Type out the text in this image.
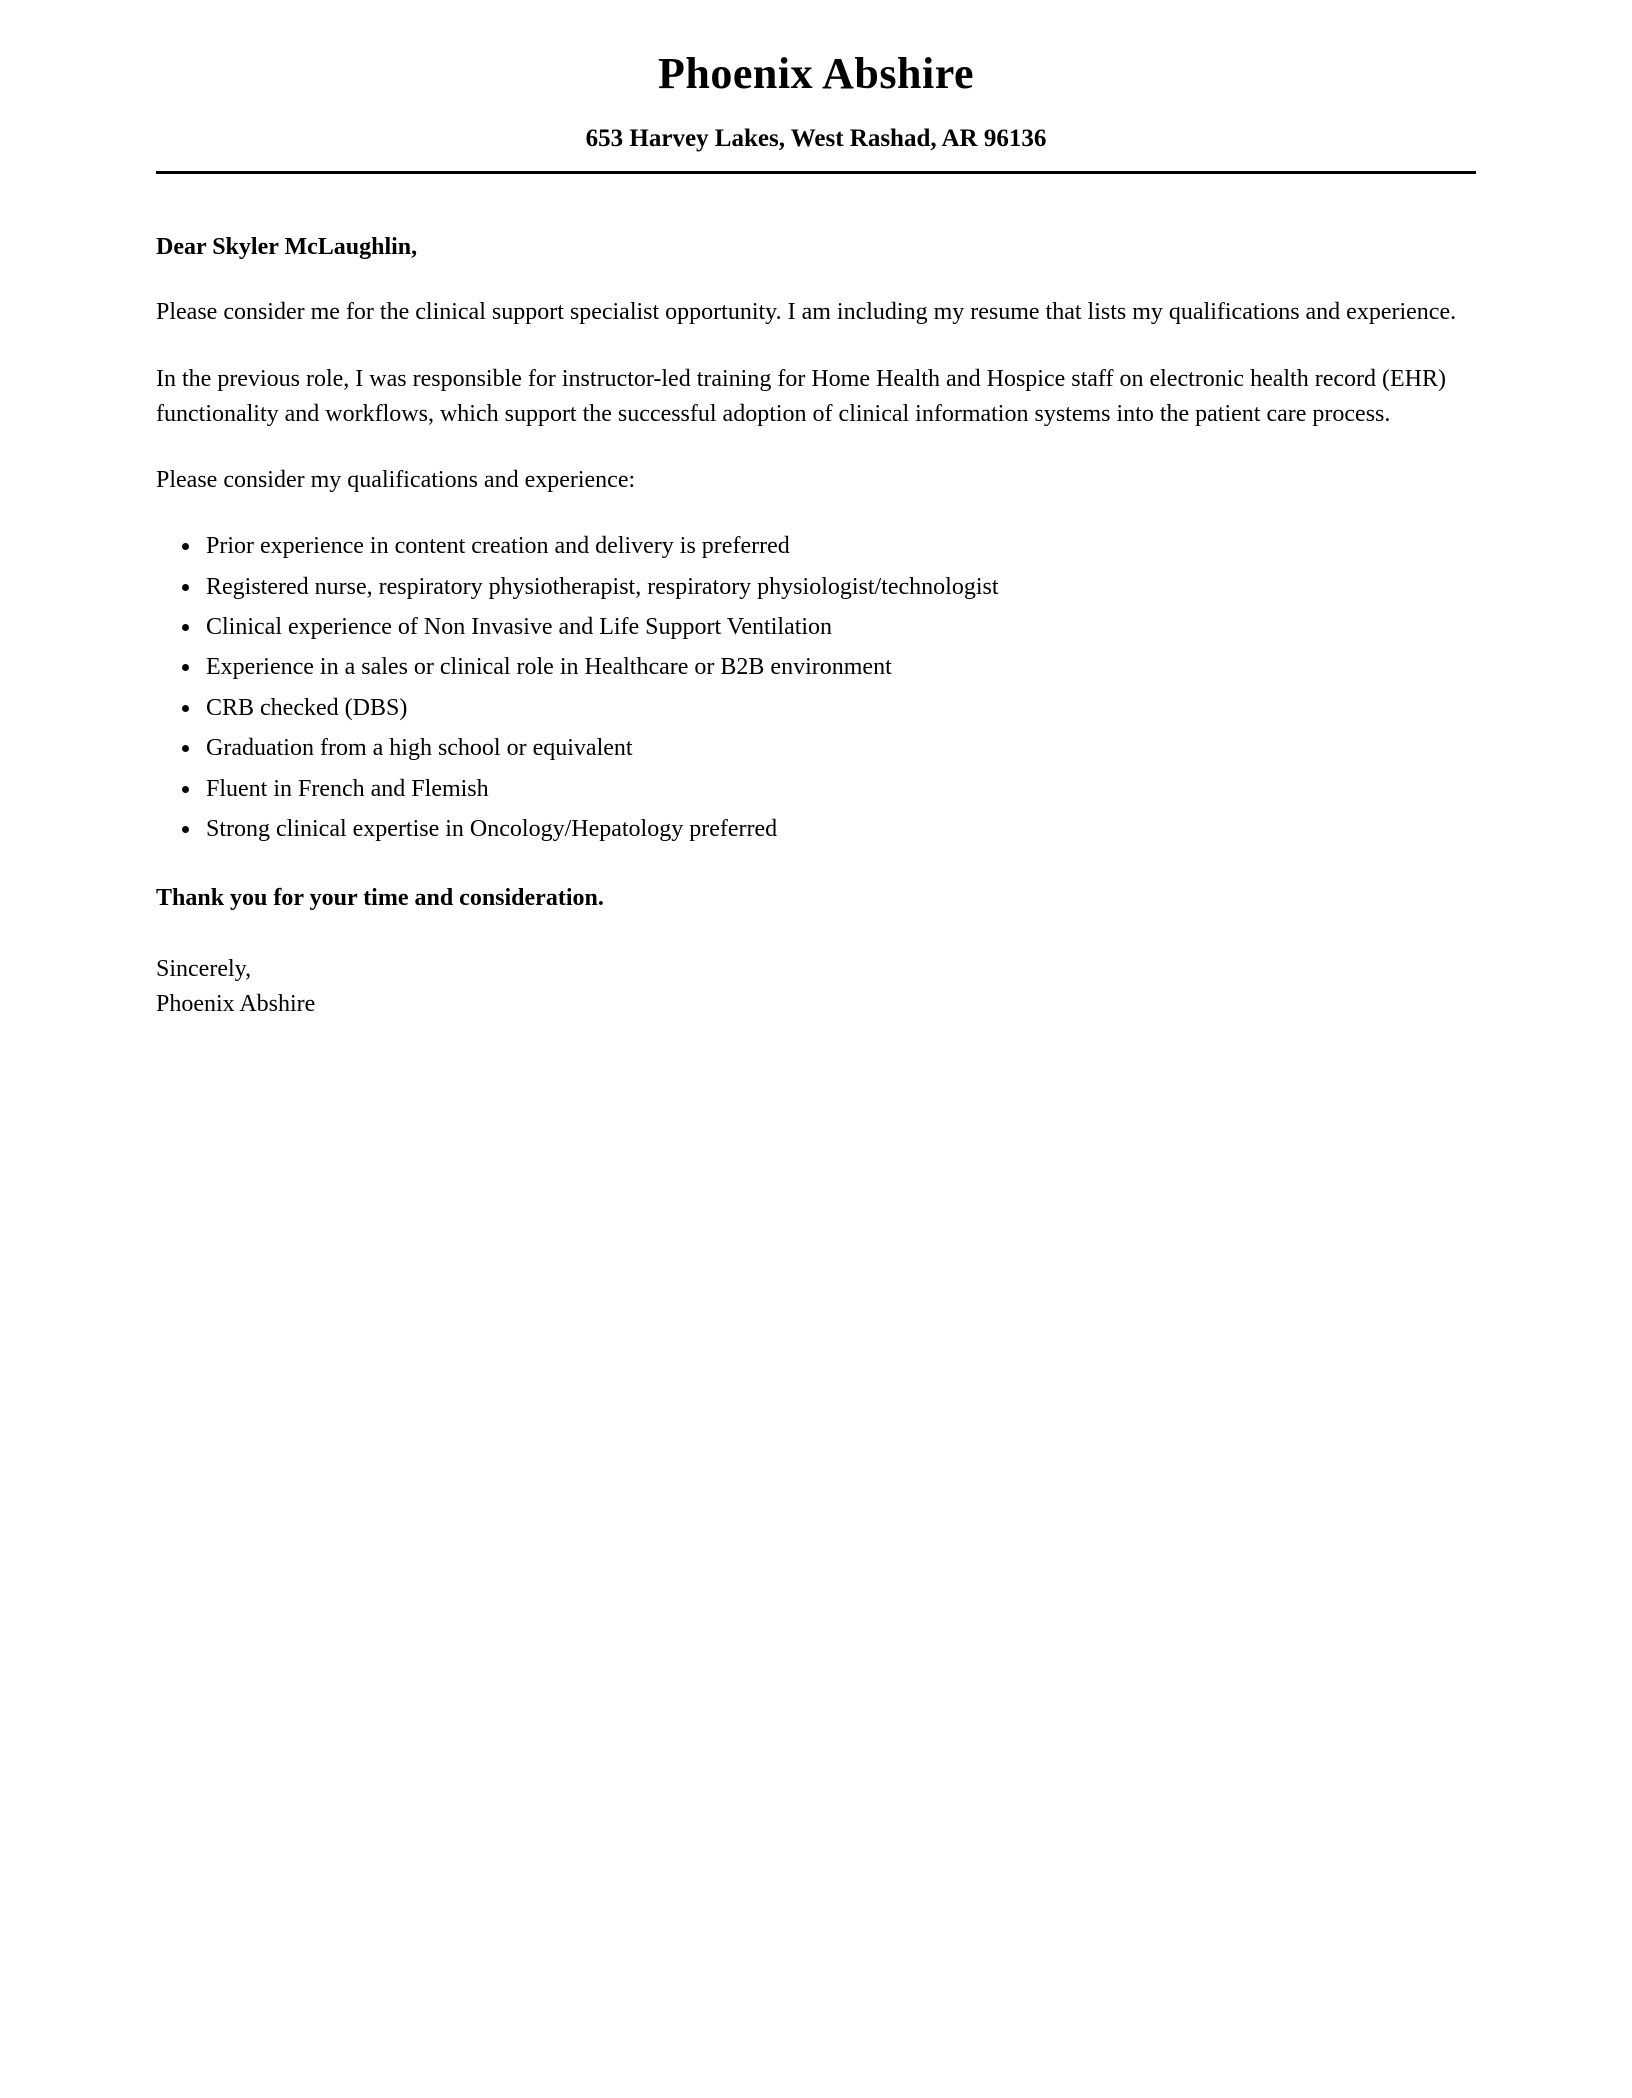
Phoenix Abshire
653 Harvey Lakes, West Rashad, AR 96136
Dear Skyler McLaughlin,

Please consider me for the clinical support specialist opportunity. I am including my resume that lists my qualifications and experience.

In the previous role, I was responsible for instructor-led training for Home Health and Hospice staff on electronic health record (EHR) functionality and workflows, which support the successful adoption of clinical information systems into the patient care process.

Please consider my qualifications and experience:

• Prior experience in content creation and delivery is preferred
• Registered nurse, respiratory physiotherapist, respiratory physiologist/technologist
• Clinical experience of Non Invasive and Life Support Ventilation
• Experience in a sales or clinical role in Healthcare or B2B environment
• CRB checked (DBS)
• Graduation from a high school or equivalent
• Fluent in French and Flemish
• Strong clinical expertise in Oncology/Hepatology preferred
Thank you for your time and consideration.
Sincerely,
Phoenix Abshire
